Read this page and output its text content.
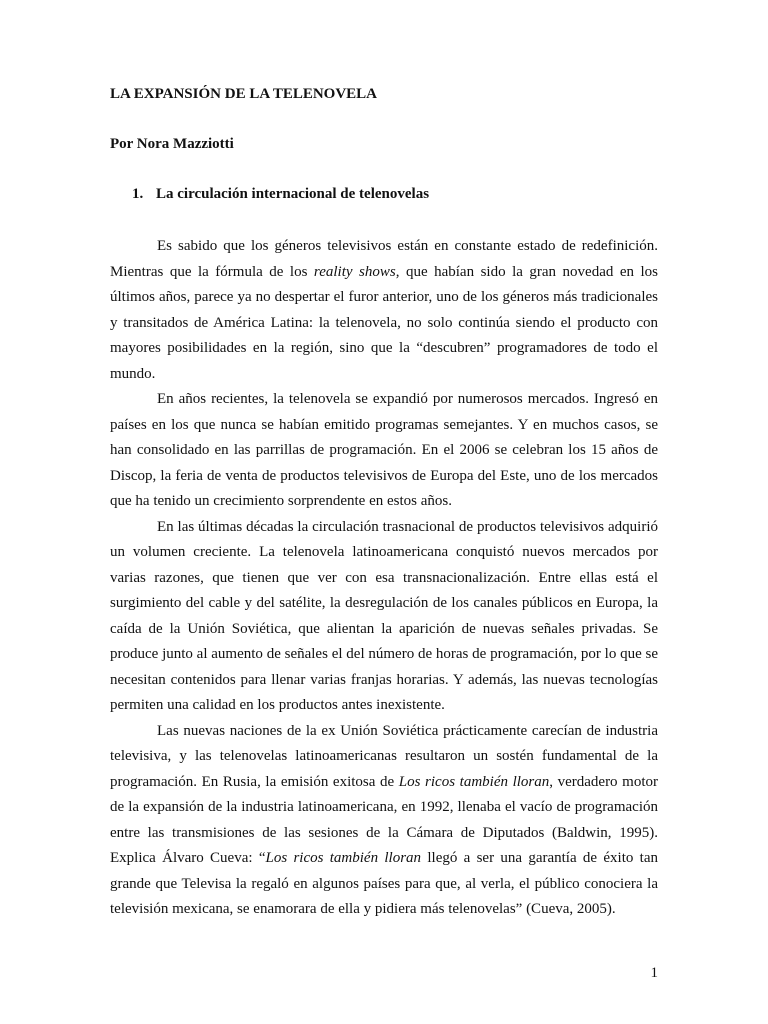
LA EXPANSIÓN DE LA TELENOVELA
Por Nora Mazziotti
1. La circulación internacional de telenovelas

Es sabido que los géneros televisivos están en constante estado de redefinición. Mientras que la fórmula de los reality shows, que habían sido la gran novedad en los últimos años, parece ya no despertar el furor anterior, uno de los géneros más tradicionales y transitados de América Latina: la telenovela, no solo continúa siendo el producto con mayores posibilidades en la región, sino que la “descubren” programadores de todo el mundo.

En años recientes, la telenovela se expandió por numerosos mercados. Ingresó en países en los que nunca se habían emitido programas semejantes. Y en muchos casos, se han consolidado en las parrillas de programación. En el 2006 se celebran los 15 años de Discop, la feria de venta de productos televisivos de Europa del Este, uno de los mercados que ha tenido un crecimiento sorprendente en estos años.

En las últimas décadas la circulación trasnacional de productos televisivos adquirió un volumen creciente. La telenovela latinoamericana conquistó nuevos mercados por varias razones, que tienen que ver con esa transnacionalización. Entre ellas está el surgimiento del cable y del satélite, la desregulación de los canales públicos en Europa, la caída de la Unión Soviética, que alientan la aparición de nuevas señales privadas. Se produce junto al aumento de señales el del número de horas de programación, por lo que se necesitan contenidos para llenar varias franjas horarias. Y además, las nuevas tecnologías permiten una calidad en los productos antes inexistente.

Las nuevas naciones de la ex Unión Soviética prácticamente carecían de industria televisiva, y las telenovelas latinoamericanas resultaron un sostén fundamental de la programación. En Rusia, la emisión exitosa de Los ricos también lloran, verdadero motor de la expansión de la industria latinoamericana, en 1992, llenaba el vacío de programación entre las transmisiones de las sesiones de la Cámara de Diputados (Baldwin, 1995). Explica Álvaro Cueva: “Los ricos también lloran llegó a ser una garantía de éxito tan grande que Televisa la regaló en algunos países para que, al verla, el público conociera la televisión mexicana, se enamorara de ella y pidiera más telenovelas” (Cueva, 2005).

1
